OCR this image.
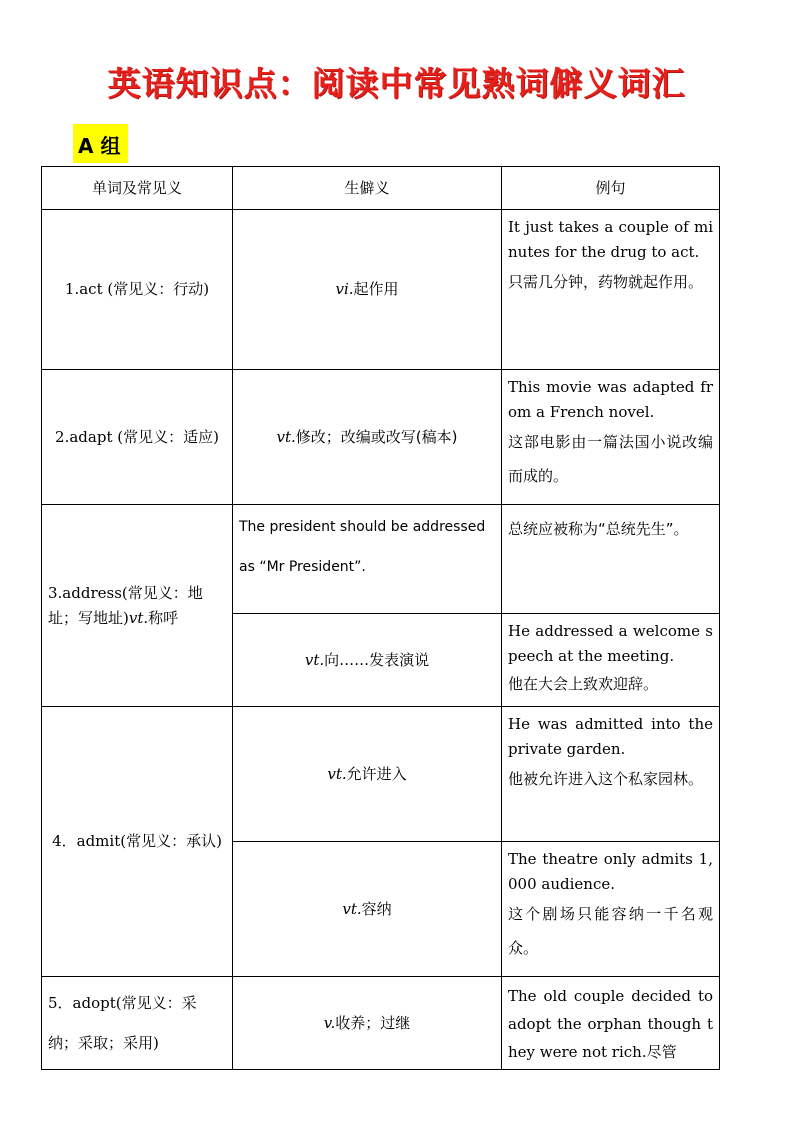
英语知识点：阅读中常见熟词僻义词汇
A 组
单词及常见义	生僻义	例句
1.act (常见义：行动)	vi.起作用	It just takes a couple of minutes for the drug to act.
只需几分钟，药物就起作用。

2.adapt (常见义：适应)	vt.修改；改编或改写(稿本)	This movie was adapted from a French novel.
这部电影由一篇法国小说改编而成的。

3.address(常见义：地址；写地址)vt.称呼	The president should be addressed as “Mr President”.	总统应被称为“总统先生”。

	vt.向……发表演说	He addressed a welcome speech at the meeting.
他在大会上致欢迎辞。

4．admit(常见义：承认)	vt.允许进入	He was admitted into the private garden.
他被允许进入这个私家园林。

	vt.容纳	The theatre only admits 1,000 audience.
这个剧场只能容纳一千名观众。

5．adopt(常见义：采纳；采取；采用)	v.收养；过继	The old couple decided to adopt the orphan though they were not rich.尽管
